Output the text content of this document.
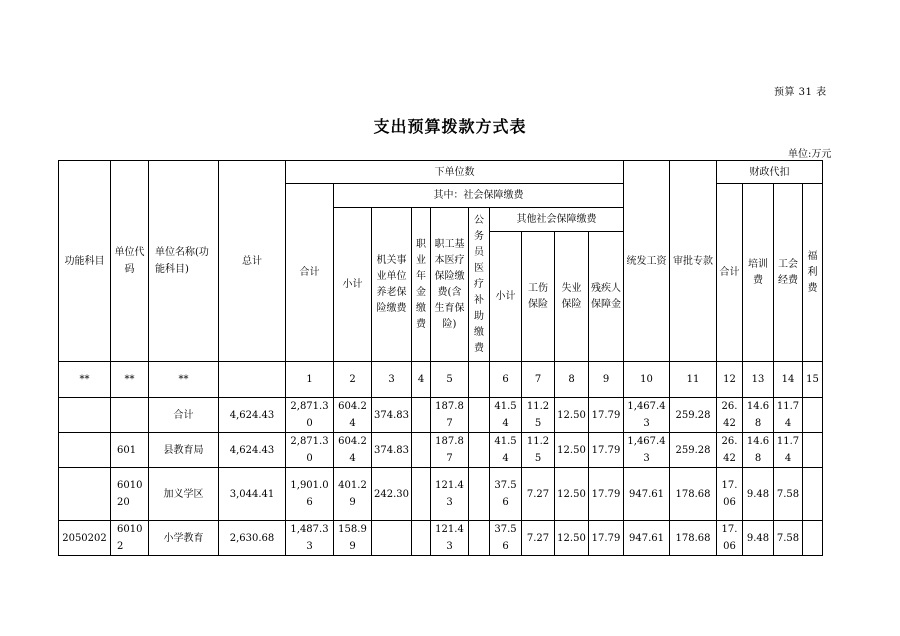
预算 31 表
支出预算拨款方式表
单位:万元
功能科目	单位代码	单位名称(功能科目)	总计	下单位数										统发工资	审批专款	财政代扣			
				合计	其中：社会保障缴费											合计	培训费	工会经费	福利费
					小计	机关事业单位养老保险缴费	职业年金缴费	职工基本医疗保险缴费(含生育保险)	公务员医疗补助缴费	其他社会保障缴费									
										小计	工伤保险	失业保险	残疾人保障金						
**	**	**		1	2	3	4	5		6	7	8	9	10	11	12	13	14	15
		合计	4,624.43	2,871.30	604.24	374.83		187.87		41.54	11.25	12.50	17.79	1,467.43	259.28	26.42	14.68	11.74	
	601	县教育局	4,624.43	2,871.30	604.24	374.83		187.87		41.54	11.25	12.50	17.79	1,467.43	259.28	26.42	14.68	11.74	
	601020	加义学区	3,044.41	1,901.06	401.29	242.30		121.43		37.56	7.27	12.50	17.79	947.61	178.68	17.06	9.48	7.58	
2050202	60102	小学教育	2,630.68	1,487.33	158.99			121.43		37.56	7.27	12.50	17.79	947.61	178.68	17.06	9.48	7.58	
